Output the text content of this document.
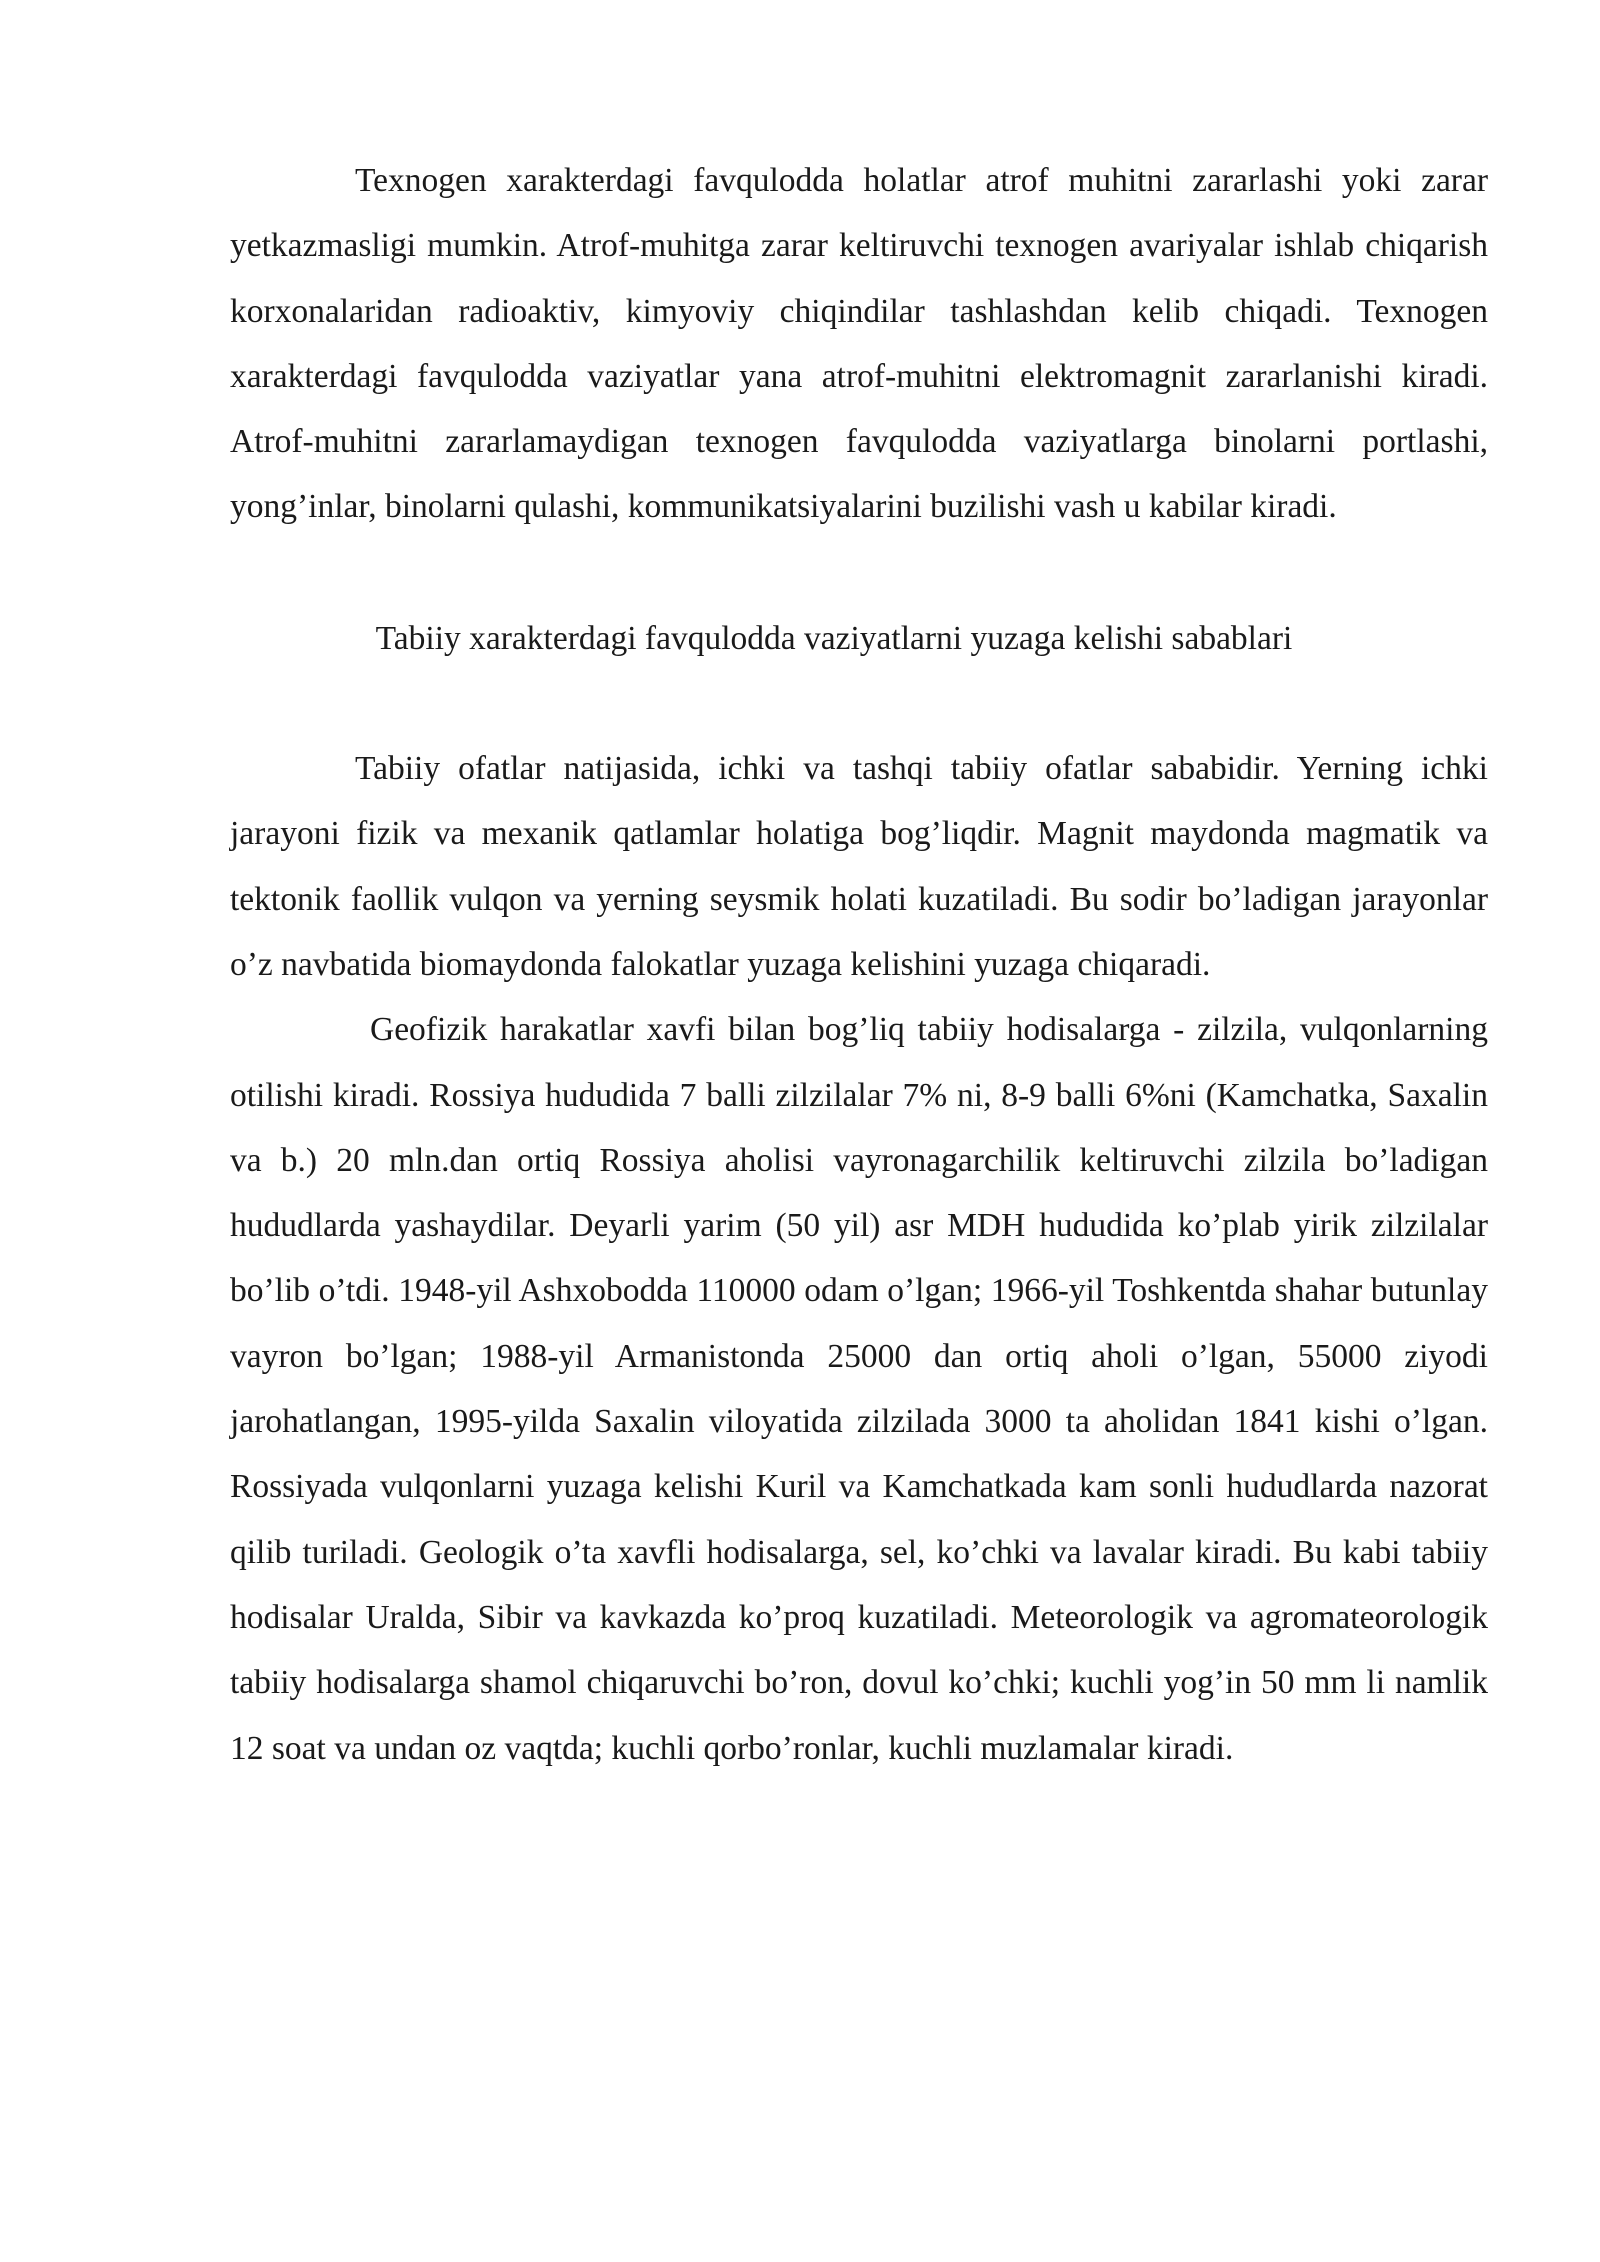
Texnogen xarakterdagi favqulodda holatlar atrof muhitni zararlashi yoki zarar yetkazmasligi mumkin. Atrof-muhitga zarar keltiruvchi texnogen avariyalar ishlab chiqarish korxonalaridan radioaktiv, kimyoviy chiqindilar tashlashdan kelib chiqadi. Texnogen xarakterdagi favqulodda vaziyatlar yana atrof-muhitni elektromagnit zararlanishi kiradi. Atrof-muhitni zararlamaydigan texnogen favqulodda vaziyatlarga binolarni portlashi, yong’inlar, binolarni qulashi, kommunikatsiyalarini buzilishi vash u kabilar kiradi.

Tabiiy xarakterdagi favqulodda vaziyatlarni yuzaga kelishi sabablari

Tabiiy ofatlar natijasida, ichki va tashqi tabiiy ofatlar sababidir. Yerning ichki jarayoni fizik va mexanik qatlamlar holatiga bog’liqdir. Magnit maydonda magmatik va tektonik faollik vulqon va yerning seysmik holati kuzatiladi. Bu sodir bo’ladigan jarayonlar o’z navbatida biomaydonda falokatlar yuzaga kelishini yuzaga chiqaradi.

Geofizik harakatlar xavfi bilan bog’liq tabiiy hodisalarga - zilzila, vulqonlarning otilishi kiradi. Rossiya hududida 7 balli zilzilalar 7% ni, 8-9 balli 6%ni (Kamchatka, Saxalin va b.) 20 mln.dan ortiq Rossiya aholisi vayronagarchilik keltiruvchi zilzila bo’ladigan hududlarda yashaydilar. Deyarli yarim (50 yil) asr MDH hududida ko’plab yirik zilzilalar bo’lib o’tdi. 1948-yil Ashxobodda 110000 odam o’lgan; 1966-yil Toshkentda shahar butunlay vayron bo’lgan; 1988-yil Armanistonda 25000 dan ortiq aholi o’lgan, 55000 ziyodi jarohatlangan, 1995-yilda Saxalin viloyatida zilzilada 3000 ta aholidan 1841 kishi o’lgan. Rossiyada vulqonlarni yuzaga kelishi Kuril va Kamchatkada kam sonli hududlarda nazorat qilib turiladi. Geologik o’ta xavfli hodisalarga, sel, ko’chki va lavalar kiradi. Bu kabi tabiiy hodisalar Uralda, Sibir va kavkazda ko’proq kuzatiladi. Meteorologik va agromateorologik tabiiy hodisalarga shamol chiqaruvchi bo’ron, dovul ko’chki; kuchli yog’in 50 mm li namlik 12 soat va undan oz vaqtda; kuchli qorbo’ronlar, kuchli muzlamalar kiradi.
